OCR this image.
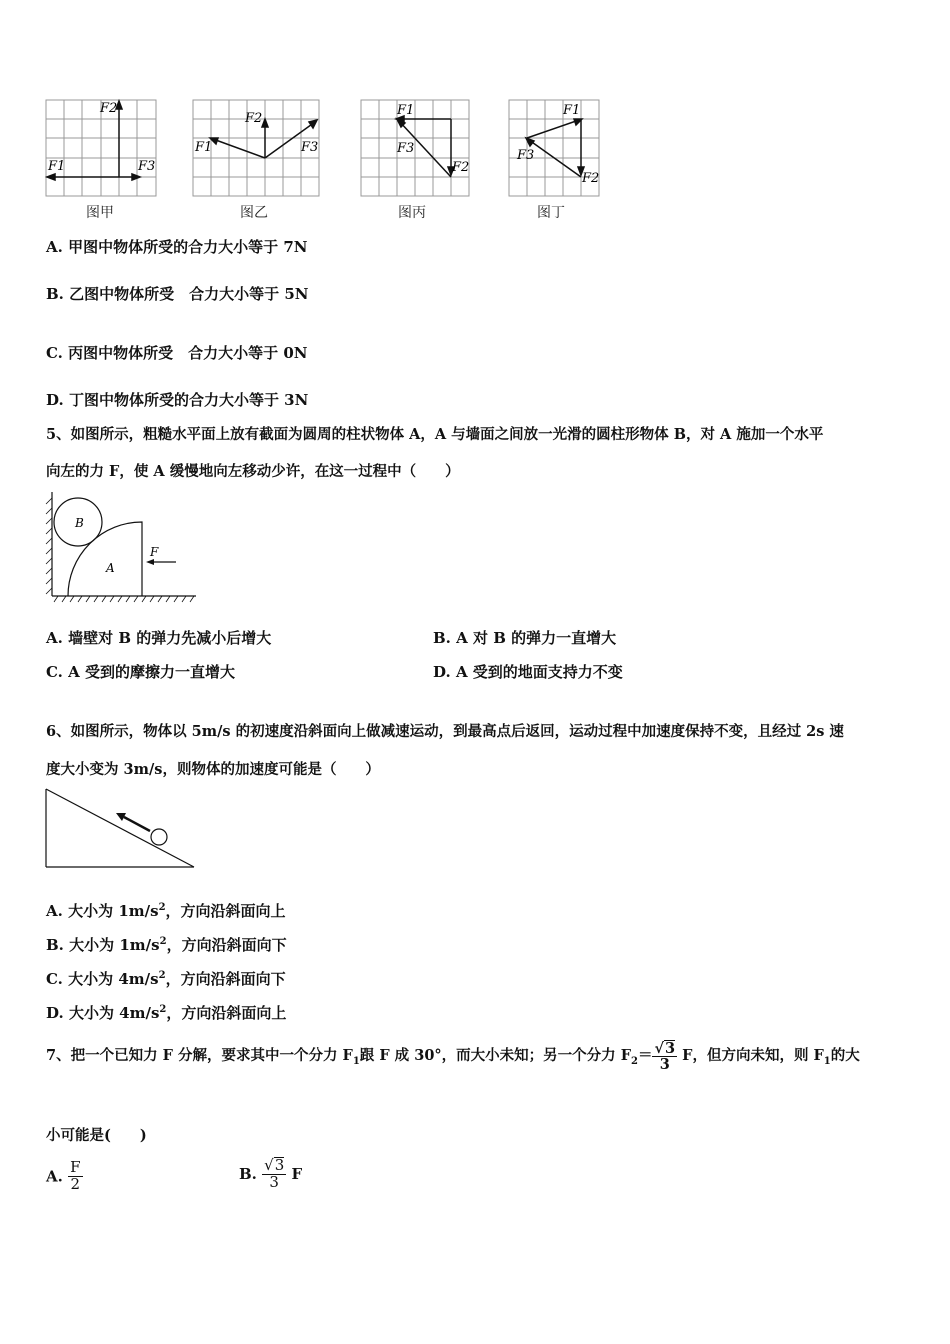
F2
F1	F3
图甲
F2
F1	F3
图乙
F1
F3
F2
图丙
F1
F3
F2
图丁
A. 甲图中物体所受的合力大小等于 7N
B. 乙图中物体所受　合力大小等于 5N
C. 丙图中物体所受　合力大小等于 0N
D. 丁图中物体所受的合力大小等于 3N
5、如图所示，粗糙水平面上放有截面为圆周的柱状物体 A，A 与墙面之间放一光滑的圆柱形物体 B，对 A 施加一个水平
向左的力 F，使 A 缓慢地向左移动少许，在这一过程中（　　）
B
A
F
A. 墙壁对 B 的弹力先减小后增大	B. A 对 B 的弹力一直增大
C. A 受到的摩擦力一直增大	D. A 受到的地面支持力不变
6、如图所示，物体以 5m/s 的初速度沿斜面向上做减速运动，到最高点后返回，运动过程中加速度保持不变，且经过 2s 速
度大小变为 3m/s，则物体的加速度可能是（　　）
A. 大小为 $1m/s^2$，方向沿斜面向上
B. 大小为 $1m/s^2$，方向沿斜面向下
C. 大小为 $4m/s^2$，方向沿斜面向下
D. 大小为 $4m/s^2$，方向沿斜面向上
7、把一个已知力 F 分解，要求其中一个分力 $F_1$跟 F 成 30°，而大小未知；另一个分力 $F_2= \frac{√3}{3}$ F，但方向未知，则 $F_1$的大
小可能是(　　)
A. $\frac{F}{2}$	B. $\frac{√3}{3}$ F
